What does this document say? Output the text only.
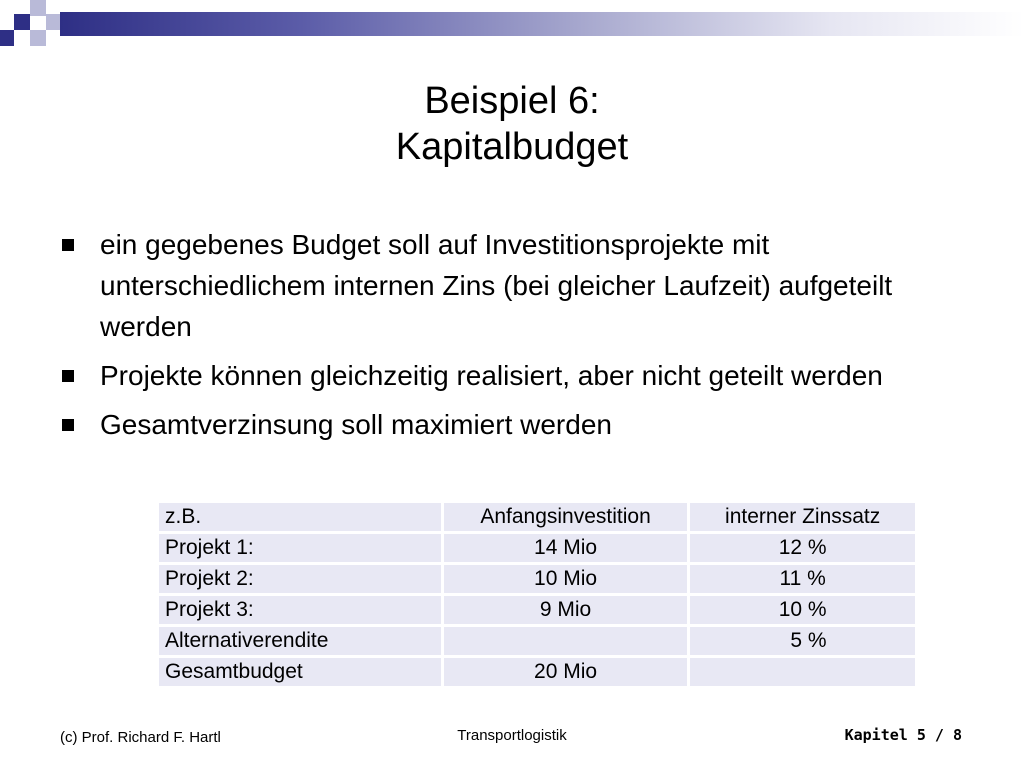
Beispiel 6:
Kapitalbudget
ein gegebenes Budget soll auf Investitionsprojekte mit unterschiedlichem internen Zins (bei gleicher Laufzeit) aufgeteilt werden
Projekte können gleichzeitig realisiert, aber nicht geteilt werden
Gesamtverzinsung soll maximiert werden
z.B.	Anfangsinvestition	interner Zinssatz
Projekt 1:	14 Mio	12 %
Projekt 2:	10 Mio	11 %
Projekt 3:	9 Mio	10 %
Alternativerendite		5 %
Gesamtbudget	20 Mio	
(c) Prof. Richard F. Hartl	Transportlogistik	Kapitel 5 / 8
